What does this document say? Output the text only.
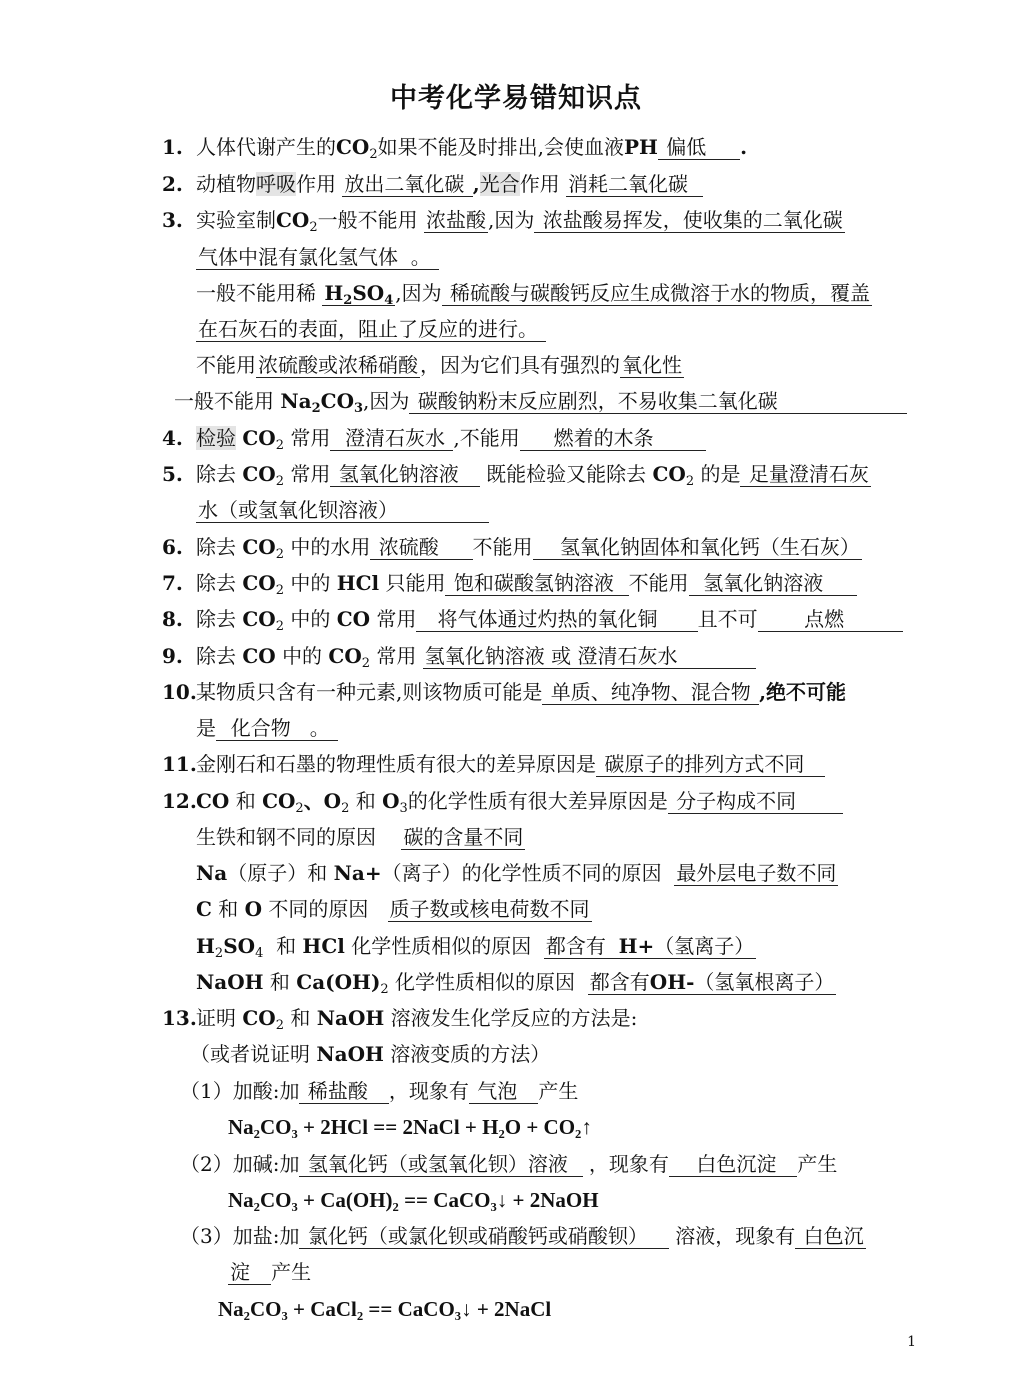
中考化学易错知识点
1. 人体代谢产生的$CO_2$如果不能及时排出,会使血液PH 偏低 .
2. 动植物呼吸作用 放出二氧化碳 ,光合作用 消耗二氧化碳
3. 实验室制$CO_2$一般不能用 浓盐酸 ,因为 浓盐酸易挥发，使收集的二氧化碳
气体中混有氯化氢气体 。
一般不能用稀 $H_2SO_4$ ,因为 稀硫酸与碳酸钙反应生成微溶于水的物质，覆盖
在石灰石的表面，阻止了反应的进行。
不能用 浓硫酸或浓稀硝酸 ，因为它们具有强烈的 氧化性
一般不能用 $Na_2CO_3$,因为 碳酸钠粉末反应剧烈，不易收集二氧化碳
4. 检验 $CO_2$ 常用 澄清石灰水 ,不能用 燃着的木条
5. 除去 $CO_2$ 常用 氢氧化钠溶液 既能检验又能除去 $CO_2$ 的是 足量澄清石灰
水（或氢氧化钡溶液）
6. 除去 $CO_2$ 中的水用 浓硫酸 不能用 氢氧化钠固体和氧化钙（生石灰）
7. 除去 $CO_2$ 中的 HCl 只能用 饱和碳酸氢钠溶液 不能用 氢氧化钠溶液
8. 除去 $CO_2$ 中的 CO 常用 将气体通过灼热的氧化铜 且不可 点燃
9. 除去 CO 中的 $CO_2$ 常用 氢氧化钠溶液 或 澄清石灰水
10.某物质只含有一种元素,则该物质可能是 单质、纯净物、混合物 ,绝不可能
是 化合物 。
11.金刚石和石墨的物理性质有很大的差异原因是 碳原子的排列方式不同
12.CO 和 $CO_2$、$O_2$ 和 $O_3$的化学性质有很大差异原因是 分子构成不同
生铁和钢不同的原因 碳的含量不同
Na（原子）和 Na+（离子）的化学性质不同的原因 最外层电子数不同
C 和 O 不同的原因 质子数或核电荷数不同
$H_2SO_4$ 和 HCl 化学性质相似的原因 都含有 H+（氢离子）
NaOH 和 $Ca(OH)_2$ 化学性质相似的原因 都含有OH-（氢氧根离子）
13.证明 $CO_2$ 和 NaOH 溶液发生化学反应的方法是:
（或者说证明 NaOH 溶液变质的方法）
（1）加酸:加 稀盐酸 ，现象有 气泡 产生
Na₂CO₃ + 2HCl == 2NaCl + H₂O + CO₂↑
（2）加碱:加 氢氧化钙（或氢氧化钡）溶液 ，现象有 白色沉淀 产生
Na₂CO₃ + Ca(OH)₂ == CaCO₃↓ + 2NaOH
（3）加盐:加 氯化钙（或氯化钡或硝酸钙或硝酸钡） 溶液，现象有 白色沉
淀 产生
Na₂CO₃ + CaCl₂ == CaCO₃↓ + 2NaCl
1
